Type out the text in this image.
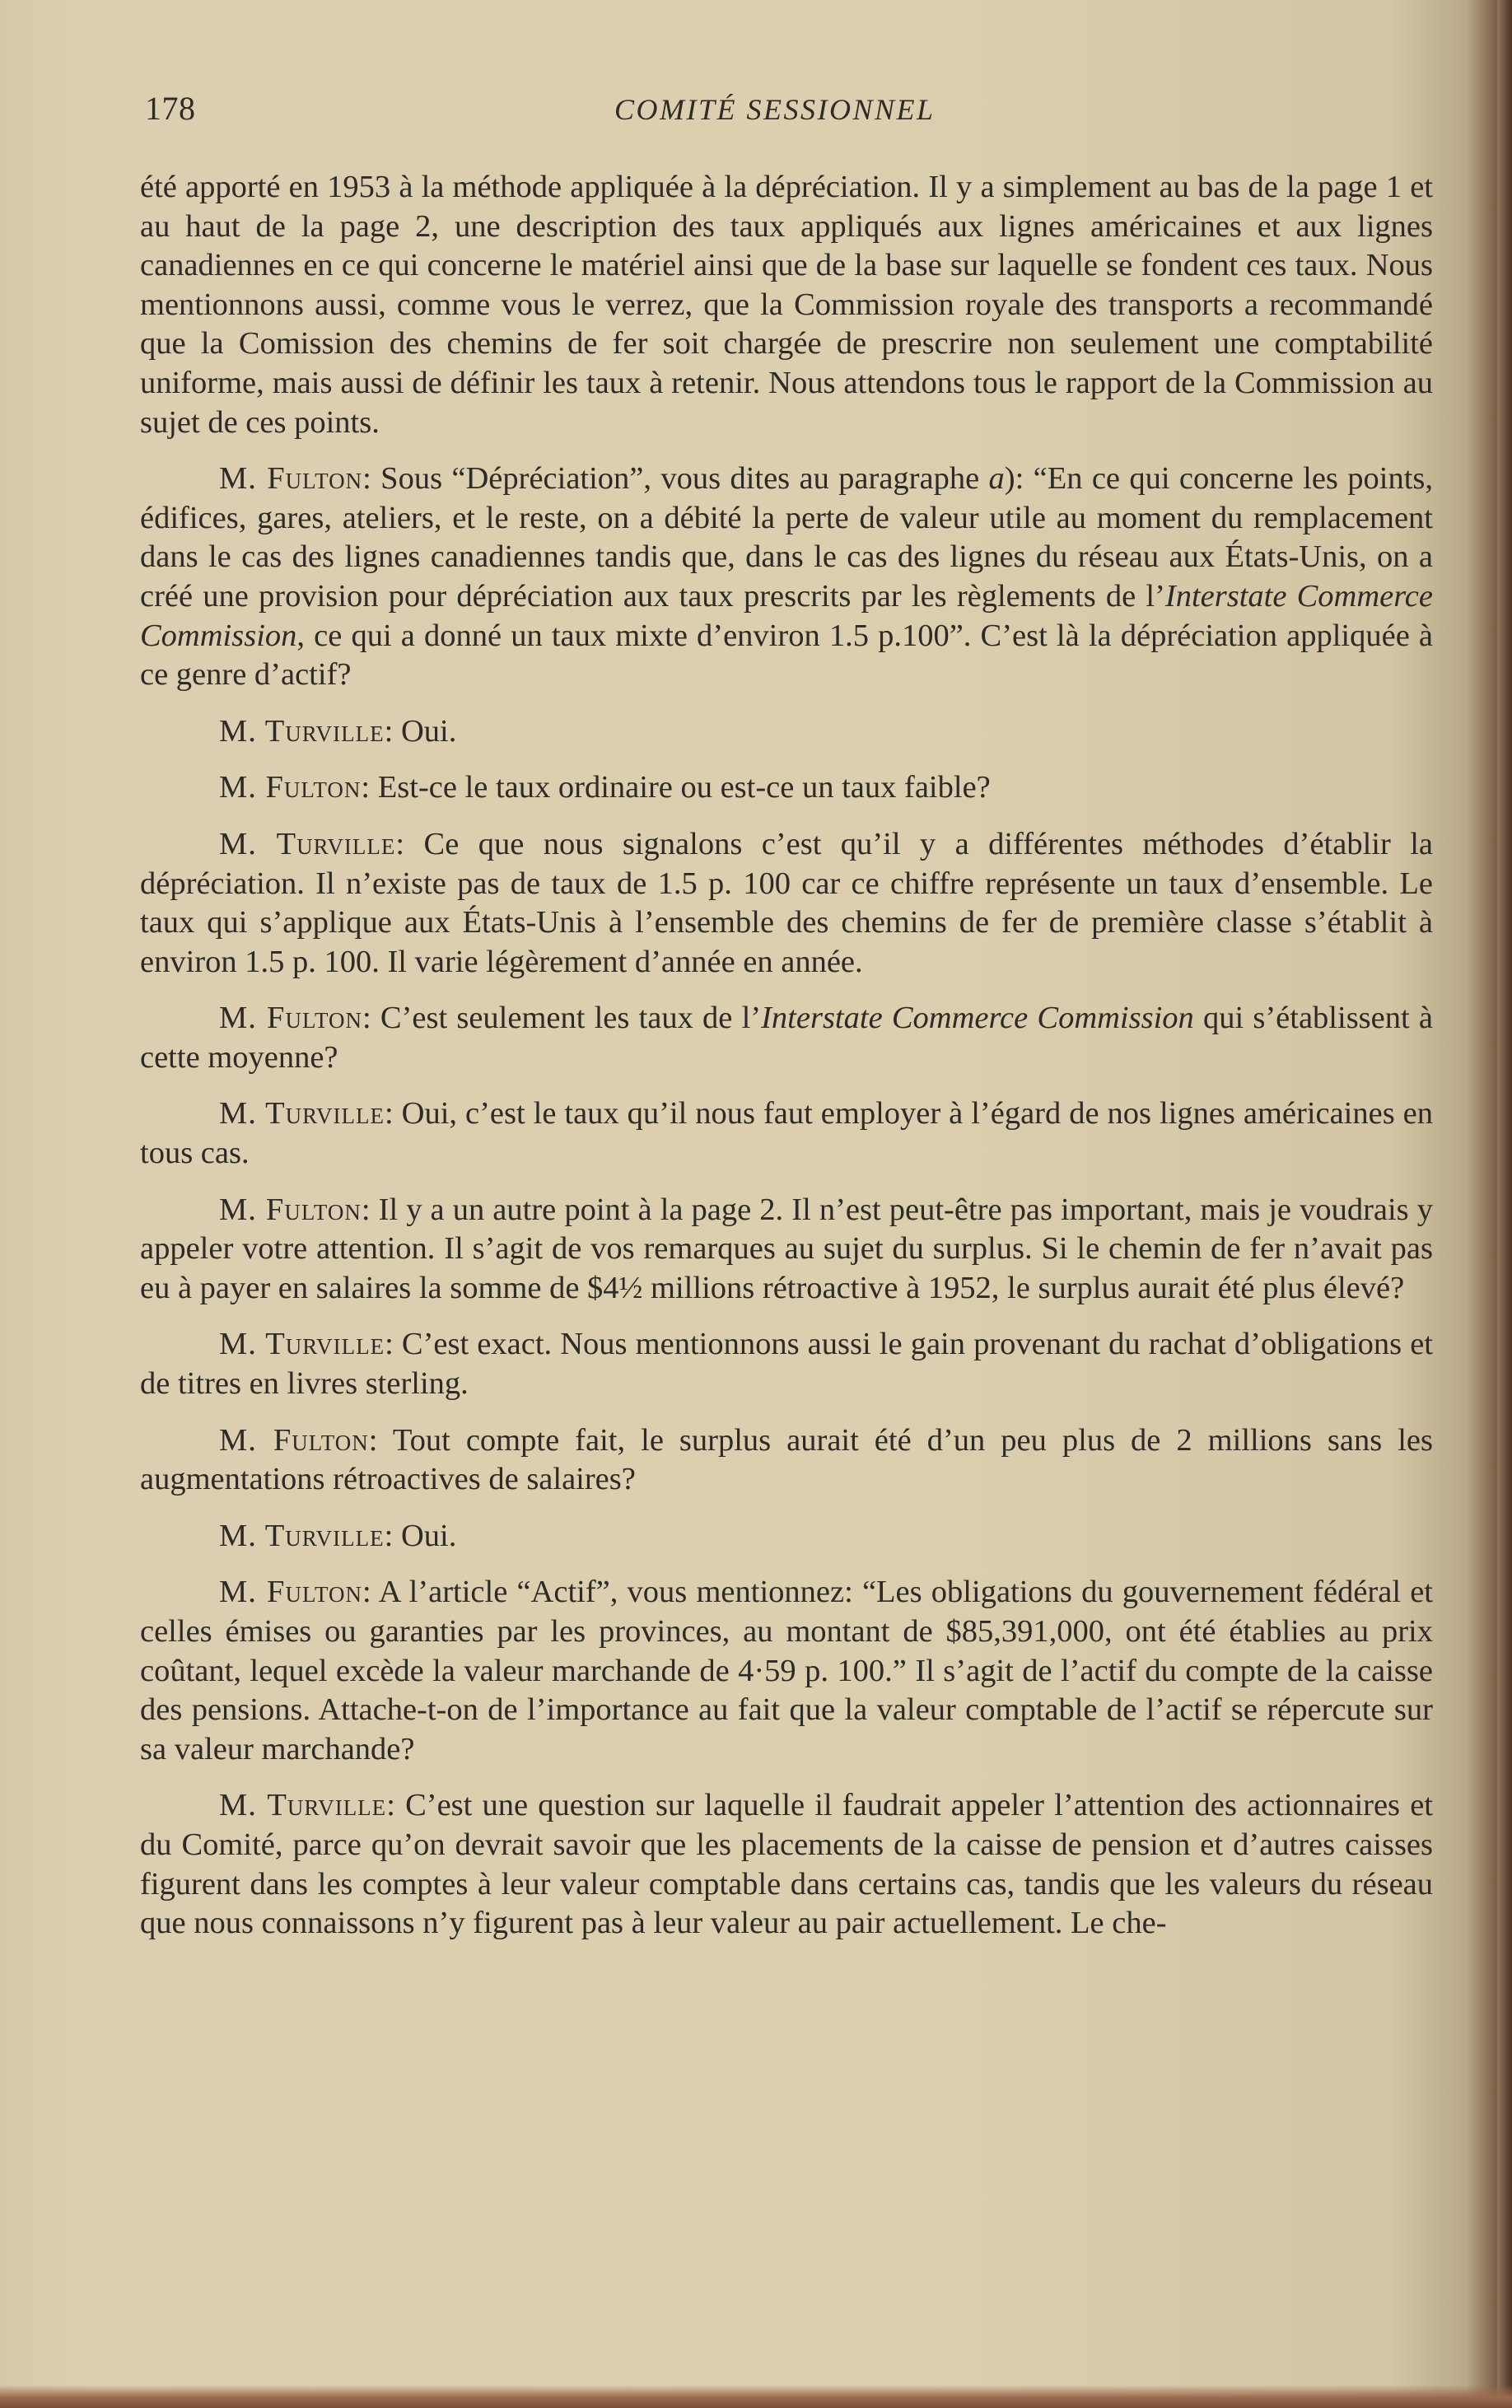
178	COMITÉ SESSIONNEL

été apporté en 1953 à la méthode appliquée à la dépréciation. Il y a simplement au bas de la page 1 et au haut de la page 2, une description des taux appliqués aux lignes américaines et aux lignes canadiennes en ce qui concerne le matériel ainsi que de la base sur laquelle se fondent ces taux. Nous mentionnons aussi, comme vous le verrez, que la Commission royale des transports a recommandé que la Comission des chemins de fer soit chargée de prescrire non seulement une comptabilité uniforme, mais aussi de définir les taux à retenir. Nous attendons tous le rapport de la Commission au sujet de ces points.

M. Fulton: Sous “Dépréciation”, vous dites au paragraphe a): “En ce qui concerne les points, édifices, gares, ateliers, et le reste, on a débité la perte de valeur utile au moment du remplacement dans le cas des lignes canadiennes tandis que, dans le cas des lignes du réseau aux États-Unis, on a créé une provision pour dépréciation aux taux prescrits par les règlements de l’Interstate Commerce Commission, ce qui a donné un taux mixte d’environ 1.5 p.100”. C’est là la dépréciation appliquée à ce genre d’actif?

M. Turville: Oui.

M. Fulton: Est-ce le taux ordinaire ou est-ce un taux faible?

M. Turville: Ce que nous signalons c’est qu’il y a différentes méthodes d’établir la dépréciation. Il n’existe pas de taux de 1.5 p. 100 car ce chiffre représente un taux d’ensemble. Le taux qui s’applique aux États-Unis à l’ensemble des chemins de fer de première classe s’établit à environ 1.5 p. 100. Il varie légèrement d’année en année.

M. Fulton: C’est seulement les taux de l’Interstate Commerce Commission qui s’établissent à cette moyenne?

M. Turville: Oui, c’est le taux qu’il nous faut employer à l’égard de nos lignes américaines en tous cas.

M. Fulton: Il y a un autre point à la page 2. Il n’est peut-être pas important, mais je voudrais y appeler votre attention. Il s’agit de vos remarques au sujet du surplus. Si le chemin de fer n’avait pas eu à payer en salaires la somme de $4½ millions rétroactive à 1952, le surplus aurait été plus élevé?

M. Turville: C’est exact. Nous mentionnons aussi le gain provenant du rachat d’obligations et de titres en livres sterling.

M. Fulton: Tout compte fait, le surplus aurait été d’un peu plus de 2 millions sans les augmentations rétroactives de salaires?

M. Turville: Oui.

M. Fulton: A l’article “Actif”, vous mentionnez: “Les obligations du gouvernement fédéral et celles émises ou garanties par les provinces, au montant de $85,391,000, ont été établies au prix coûtant, lequel excède la valeur marchande de 4·59 p. 100.” Il s’agit de l’actif du compte de la caisse des pensions. Attache-t-on de l’importance au fait que la valeur comptable de l’actif se répercute sur sa valeur marchande?

M. Turville: C’est une question sur laquelle il faudrait appeler l’attention des actionnaires et du Comité, parce qu’on devrait savoir que les placements de la caisse de pension et d’autres caisses figurent dans les comptes à leur valeur comptable dans certains cas, tandis que les valeurs du réseau que nous connaissons n’y figurent pas à leur valeur au pair actuellement. Le che-
